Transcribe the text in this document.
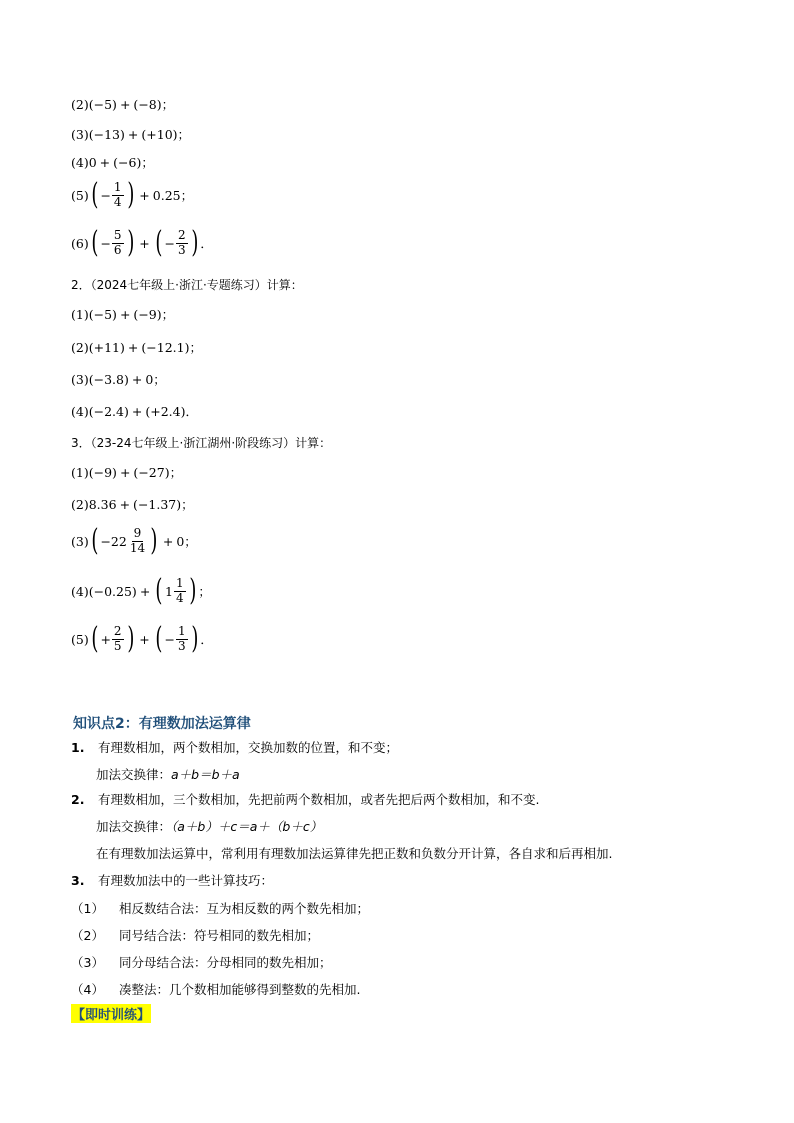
(2) ( −5 ) + ( −8 ) ；
(3) ( −13 ) + ( +10 ) ；
(4) 0 + ( −6 ) ；
(5) ( − $\frac{1}{4}$ ) + 0.25 ；
(6) ( − $\frac{5}{6}$ ) + ( − $\frac{2}{3}$ ) ．
2．（2024七年级上·浙江·专题练习）计算：
(1) ( −5 ) + ( −9 ) ；
(2) ( +11 ) + ( −12.1 ) ；
(3) ( −3.8 ) + 0 ；
(4) ( −2.4 ) + ( +2.4 ) ．
3．（23-24七年级上·浙江湖州·阶段练习）计算：
(1) ( −9 ) + ( −27 ) ；
(2) 8.36 + ( −1.37 ) ；
(3) ( $-22 \frac{9}{14}$ ) + 0 ；
(4) ( −0.25 ) + ( $1 \frac{1}{4}$ ) ；
(5) ( + $\frac{2}{5}$ ) + ( − $\frac{1}{3}$ ) ．
知识点2：有理数加法运算律
1. 有理数相加，两个数相加，交换加数的位置，和不变；
加法交换律：a＋b＝b＋a
2. 有理数相加，三个数相加，先把前两个数相加，或者先把后两个数相加，和不变.
加法交换律：（a＋b）＋c＝a＋（b＋c）
在有理数加法运算中，常利用有理数加法运算律先把正数和负数分开计算，各自求和后再相加.
3. 有理数加法中的一些计算技巧：
（1） 相反数结合法：互为相反数的两个数先相加；
（2） 同号结合法：符号相同的数先相加；
（3） 同分母结合法：分母相同的数先相加；
（4） 凑整法：几个数相加能够得到整数的先相加.
【即时训练】
